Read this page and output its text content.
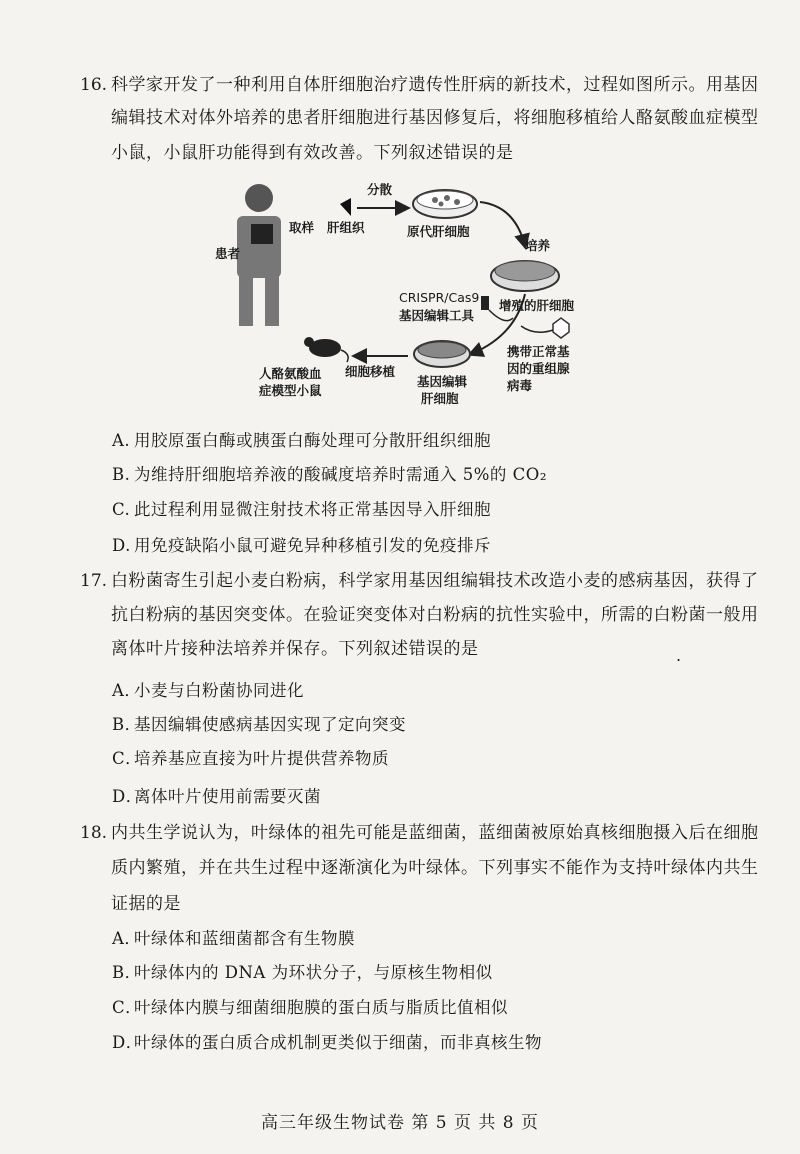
16. 科学家开发了一种利用自体肝细胞治疗遗传性肝病的新技术，过程如图所示。用基因
编辑技术对体外培养的患者肝细胞进行基因修复后，将细胞移植给人酪氨酸血症模型
小鼠，小鼠肝功能得到有效改善。下列叙述错误的是
患者
取样 肝组织
分散
原代肝细胞
培养
增殖的肝细胞
CRISPR/Cas9
基因编辑工具
携带正常基
因的重组腺
病毒
基因编辑
肝细胞
细胞移植
人酪氨酸血
症模型小鼠
A. 用胶原蛋白酶或胰蛋白酶处理可分散肝组织细胞
B. 为维持肝细胞培养液的酸碱度培养时需通入 5%的 CO₂
C. 此过程利用显微注射技术将正常基因导入肝细胞
D. 用免疫缺陷小鼠可避免异种移植引发的免疫排斥
17. 白粉菌寄生引起小麦白粉病，科学家用基因组编辑技术改造小麦的感病基因，获得了
抗白粉病的基因突变体。在验证突变体对白粉病的抗性实验中，所需的白粉菌一般用
离体叶片接种法培养并保存。下列叙述错误的是	.
A．小麦与白粉菌协同进化
B．基因编辑使感病基因实现了定向突变
C．培养基应直接为叶片提供营养物质
D．离体叶片使用前需要灭菌
18. 内共生学说认为，叶绿体的祖先可能是蓝细菌，蓝细菌被原始真核细胞摄入后在细胞
质内繁殖，并在共生过程中逐渐演化为叶绿体。下列事实不能作为支持叶绿体内共生
证据的是
A．叶绿体和蓝细菌都含有生物膜
B．叶绿体内的 DNA 为环状分子，与原核生物相似
C．叶绿体内膜与细菌细胞膜的蛋白质与脂质比值相似
D．叶绿体的蛋白质合成机制更类似于细菌，而非真核生物
高三年级生物试卷 第 5 页 共 8 页
